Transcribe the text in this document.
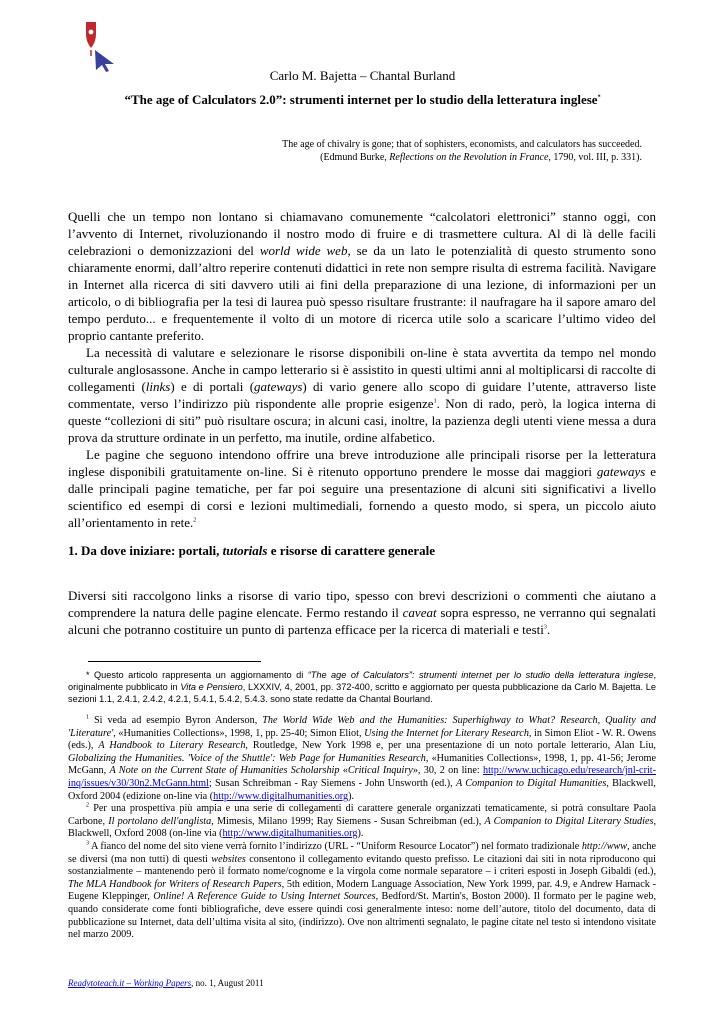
Carlo M. Bajetta – Chantal Burland
“The age of Calculators 2.0”: strumenti internet per lo studio della letteratura inglese*
The age of chivalry is gone; that of sophisters, economists, and calculators has succeeded.
(Edmund Burke, Reflections on the Revolution in France, 1790, vol. III, p. 331).

Quelli che un tempo non lontano si chiamavano comunemente “calcolatori elettronici” stanno oggi, con l’avvento di Internet, rivoluzionando il nostro modo di fruire e di trasmettere cultura. Al di là delle facili celebrazioni o demonizzazioni del world wide web, se da un lato le potenzialità di questo strumento sono chiaramente enormi, dall’altro reperire contenuti didattici in rete non sempre risulta di estrema facilità. Navigare in Internet alla ricerca di siti davvero utili ai fini della preparazione di una lezione, di informazioni per un articolo, o di bibliografia per la tesi di laurea può spesso risultare frustrante: il naufragare ha il sapore amaro del tempo perduto... e frequentemente il volto di un motore di ricerca utile solo a scaricare l’ultimo video del proprio cantante preferito.

La necessità di valutare e selezionare le risorse disponibili on-line è stata avvertita da tempo nel mondo culturale anglosassone. Anche in campo letterario si è assistito in questi ultimi anni al moltiplicarsi di raccolte di collegamenti (links) e di portali (gateways) di vario genere allo scopo di guidare l’utente, attraverso liste commentate, verso l’indirizzo più rispondente alle proprie esigenze$^1$. Non di rado, però, la logica interna di queste “collezioni di siti” può risultare oscura; in alcuni casi, inoltre, la pazienza degli utenti viene messa a dura prova da strutture ordinate in un perfetto, ma inutile, ordine alfabetico.

Le pagine che seguono intendono offrire una breve introduzione alle principali risorse per la letteratura inglese disponibili gratuitamente on-line. Si è ritenuto opportuno prendere le mosse dai maggiori gateways e dalle principali pagine tematiche, per far poi seguire una presentazione di alcuni siti significativi a livello scientifico ed esempi di corsi e lezioni multimediali, fornendo a questo modo, si spera, un piccolo aiuto all’orientamento in rete.$^2$

1. Da dove iniziare: portali, tutorials e risorse di carattere generale
Diversi siti raccolgono links a risorse di vario tipo, spesso con brevi descrizioni o commenti che aiutano a comprendere la natura delle pagine elencate. Fermo restando il caveat sopra espresso, ne verranno qui segnalati alcuni che potranno costituire un punto di partenza efficace per la ricerca di materiali e testi$^3$.
* Questo articolo rappresenta un aggiornamento di “The age of Calculators”: strumenti internet per lo studio della letteratura inglese, originalmente pubblicato in Vita e Pensiero, LXXXIV, 4, 2001, pp. 372-400, scritto e aggiornato per questa pubblicazione da Carlo M. Bajetta. Le sezioni 1.1, 2.4.1, 2.4.2, 4.2.1, 5.4.1, 5.4.2, 5.4.3. sono state redatte da Chantal Bourland.

$^1$ Si veda ad esempio Byron Anderson, The World Wide Web and the Humanities: Superhighway to What? Research, Quality and 'Literature', «Humanities Collections», 1998, 1, pp. 25-40; Simon Eliot, Using the Internet for Literary Research, in Simon Eliot - W. R. Owens (eds.), A Handbook to Literary Research, Routledge, New York 1998 e, per una presentazione di un noto portale letterario, Alan Liu, Globalizing the Humanities. 'Voice of the Shuttle': Web Page for Humanities Research, «Humanities Collections», 1998, 1, pp. 41-56; Jerome McGann, A Note on the Current State of Humanities Scholarship «Critical Inquiry», 30, 2 on line: http://www.uchicago.edu/research/jnl-crit-inq/issues/v30/30n2.McGann.html; Susan Schreibman - Ray Siemens - John Unsworth (ed.), A Companion to Digital Humanities, Blackwell, Oxford 2004 (edizione on-line via (http://www.digitalhumanities.org).

$^2$ Per una prospettiva più ampia e una serie di collegamenti di carattere generale organizzati tematicamente, si potrà consultare Paola Carbone, Il portolano dell'anglista, Mimesis, Milano 1999; Ray Siemens - Susan Schreibman (ed.), A Companion to Digital Literary Studies, Blackwell, Oxford 2008 (on-line via (http://www.digitalhumanities.org).

$^3$ A fianco del nome del sito viene verrà fornito l’indirizzo (URL - “Uniform Resource Locator”) nel formato tradizionale http://www, anche se diversi (ma non tutti) di questi websites consentono il collegamento evitando questo prefisso. Le citazioni dai siti in nota riproducono qui sostanzialmente – mantenendo però il formato nome/cognome e la virgola come normale separatore – i criteri esposti in Joseph Gibaldi (ed.), The MLA Handbook for Writers of Research Papers, 5th edition, Modern Language Association, New York 1999, par. 4.9, e Andrew Harnack - Eugene Kleppinger, Online! A Reference Guide to Using Internet Sources, Bedford/St. Martin's, Boston 2000). Il formato per le pagine web, quando considerate come fonti bibliografiche, deve essere quindi così generalmente inteso: nome dell’autore, titolo del documento, data di pubblicazione su Internet, data dell’ultima visita al sito, (indirizzo). Ove non altrimenti segnalato, le pagine citate nel testo si intendono visitate nel marzo 2009.

Readytoteach.it – Working Papers, no. 1, August 2011
